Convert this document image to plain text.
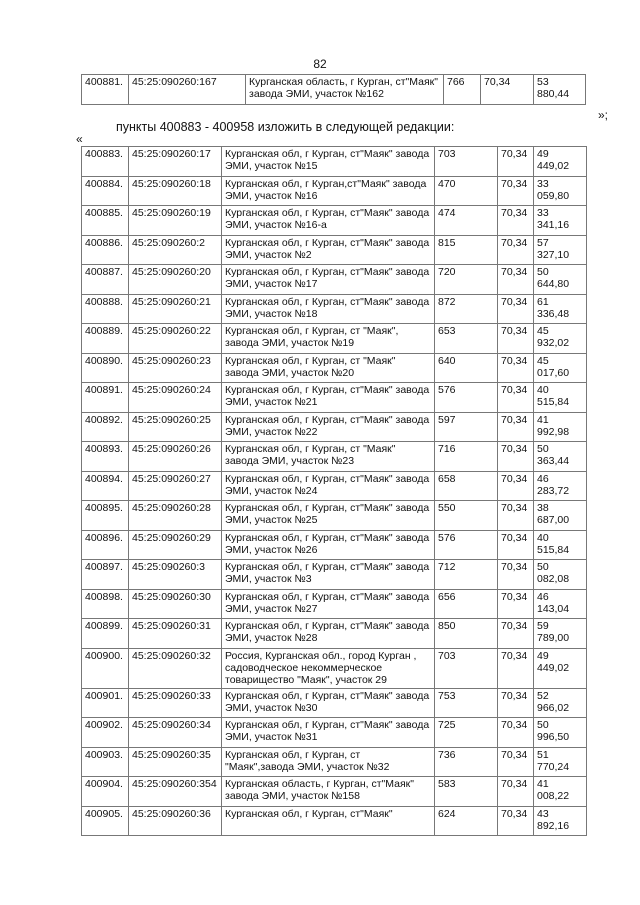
82
400881.	45:25:090260:167	Курганская область, г Курган, ст"Маяк" завода ЭМИ, участок №162	766	70,34	53 880,44
»;
пункты 400883 - 400958 изложить в следующей редакции:
«
400883.	45:25:090260:17	Курганская обл, г Курган, ст"Маяк" завода ЭМИ, участок №15	703	70,34	49 449,02
400884.	45:25:090260:18	Курганская обл, г Курган,ст"Маяк" завода ЭМИ, участок №16	470	70,34	33 059,80
400885.	45:25:090260:19	Курганская обл, г Курган, ст"Маяк" завода ЭМИ, участок №16-а	474	70,34	33 341,16
400886.	45:25:090260:2	Курганская обл, г Курган, ст"Маяк" завода ЭМИ, участок №2	815	70,34	57 327,10
400887.	45:25:090260:20	Курганская обл, г Курган, ст"Маяк" завода ЭМИ, участок №17	720	70,34	50 644,80
400888.	45:25:090260:21	Курганская обл, г Курган, ст"Маяк" завода ЭМИ, участок №18	872	70,34	61 336,48
400889.	45:25:090260:22	Курганская обл, г Курган, ст "Маяк", завода ЭМИ, участок №19	653	70,34	45 932,02
400890.	45:25:090260:23	Курганская обл, г Курган, ст "Маяк" завода ЭМИ, участок №20	640	70,34	45 017,60
400891.	45:25:090260:24	Курганская обл, г Курган, ст"Маяк" завода ЭМИ, участок №21	576	70,34	40 515,84
400892.	45:25:090260:25	Курганская обл, г Курган, ст"Маяк" завода ЭМИ, участок №22	597	70,34	41 992,98
400893.	45:25:090260:26	Курганская обл, г Курган, ст "Маяк" завода ЭМИ, участок №23	716	70,34	50 363,44
400894.	45:25:090260:27	Курганская обл, г Курган, ст"Маяк" завода ЭМИ, участок №24	658	70,34	46 283,72
400895.	45:25:090260:28	Курганская обл, г Курган, ст"Маяк" завода ЭМИ, участок №25	550	70,34	38 687,00
400896.	45:25:090260:29	Курганская обл, г Курган, ст"Маяк" завода ЭМИ, участок №26	576	70,34	40 515,84
400897.	45:25:090260:3	Курганская обл, г Курган, ст"Маяк" завода ЭМИ, участок №3	712	70,34	50 082,08
400898.	45:25:090260:30	Курганская обл, г Курган, ст"Маяк" завода ЭМИ, участок №27	656	70,34	46 143,04
400899.	45:25:090260:31	Курганская обл, г Курган, ст"Маяк" завода ЭМИ, участок №28	850	70,34	59 789,00
400900.	45:25:090260:32	Россия, Курганская обл., город Курган , садоводческое некоммерческое товарищество "Маяк", участок 29	703	70,34	49 449,02
400901.	45:25:090260:33	Курганская обл, г Курган, ст"Маяк" завода ЭМИ, участок №30	753	70,34	52 966,02
400902.	45:25:090260:34	Курганская обл, г Курган, ст"Маяк" завода ЭМИ, участок №31	725	70,34	50 996,50
400903.	45:25:090260:35	Курганская обл, г Курган, ст "Маяк",завода ЭМИ, участок №32	736	70,34	51 770,24
400904.	45:25:090260:354	Курганская область, г Курган, ст"Маяк" завода ЭМИ, участок №158	583	70,34	41 008,22
400905.	45:25:090260:36	Курганская обл, г Курган, ст"Маяк"	624	70,34	43 892,16
